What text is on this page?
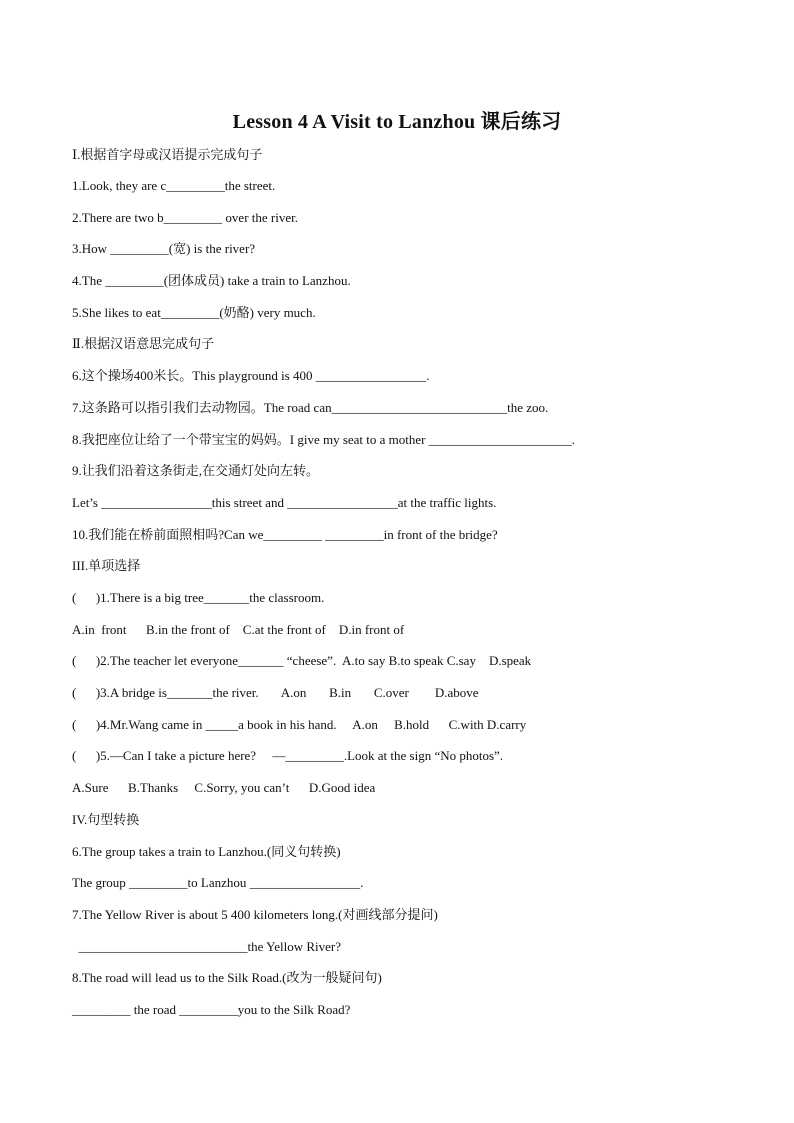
Lesson 4 A Visit to Lanzhou 课后练习
Ⅰ.根据首字母或汉语提示完成句子
1.Look, they are c_________the street.
2.There are two b_________ over the river.
3.How _________(宽) is the river?
4.The _________(团体成员) take a train to Lanzhou.
5.She likes to eat_________(奶酪) very much.
Ⅱ.根据汉语意思完成句子
6.这个操场400米长。This playground is 400 _________________.
7.这条路可以指引我们去动物园。The road can___________________________the zoo.
8.我把座位让给了一个带宝宝的妈妈。I give my seat to a mother ______________________.
9.让我们沿着这条街走,在交通灯处向左转。
Let’s _________________this street and _________________at the traffic lights.
10.我们能在桥前面照相吗?Can we_________ _________in front of the bridge?
III.单项选择
(      )1.There is a big tree_______the classroom.
A.in  front      B.in the front of    C.at the front of    D.in front of
(      )2.The teacher let everyone_______ “cheese”.  A.to say B.to speak C.say    D.speak
(      )3.A bridge is_______the river.       A.on       B.in       C.over        D.above
(      )4.Mr.Wang came in _____a book in his hand.     A.on     B.hold      C.with D.carry
(      )5.—Can I take a picture here?     —_________.Look at the sign “No photos”.
A.Sure      B.Thanks     C.Sorry, you can’t      D.Good idea
IV.句型转换
6.The group takes a train to Lanzhou.(同义句转换)
The group _________to Lanzhou _________________.
7.The Yellow River is about 5 400 kilometers long.(对画线部分提问)
__________________________the Yellow River?
8.The road will lead us to the Silk Road.(改为一般疑问句)
_________ the road _________you to the Silk Road?
